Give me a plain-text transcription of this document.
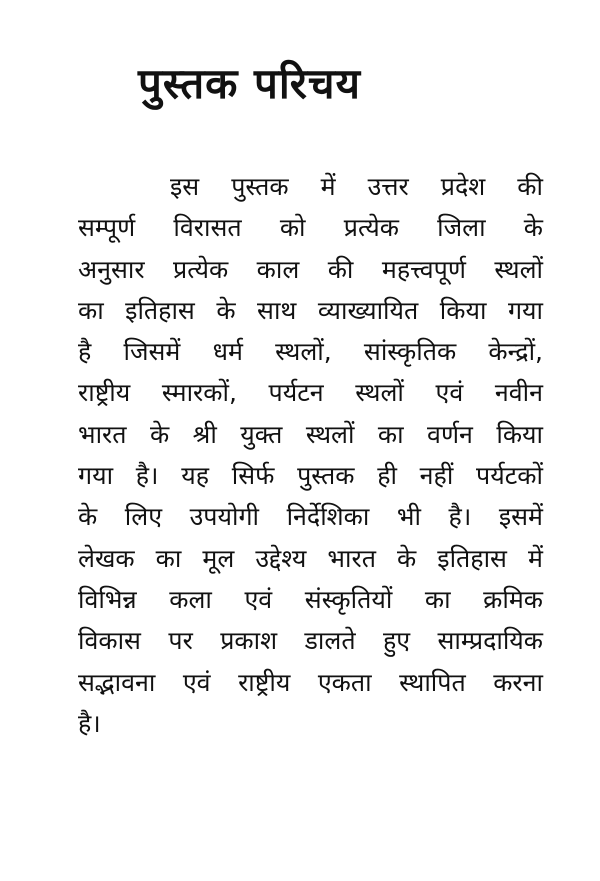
पुस्तक परिचय
इस पुस्तक में उत्तर प्रदेश की
सम्पूर्ण विरासत को प्रत्येक जिला के
अनुसार प्रत्येक काल की महत्त्वपूर्ण स्थलों
का इतिहास के साथ व्याख्यायित किया गया
है जिसमें धर्म स्थलों, सांस्कृतिक केन्द्रों,
राष्ट्रीय स्मारकों, पर्यटन स्थलों एवं नवीन
भारत के श्री युक्त स्थलों का वर्णन किया
गया है। यह सिर्फ पुस्तक ही नहीं पर्यटकों
के लिए उपयोगी निर्देशिका भी है। इसमें
लेखक का मूल उद्देश्य भारत के इतिहास में
विभिन्न कला एवं संस्कृतियों का क्रमिक
विकास पर प्रकाश डालते हुए साम्प्रदायिक
सद्भावना एवं राष्ट्रीय एकता स्थापित करना
है।
